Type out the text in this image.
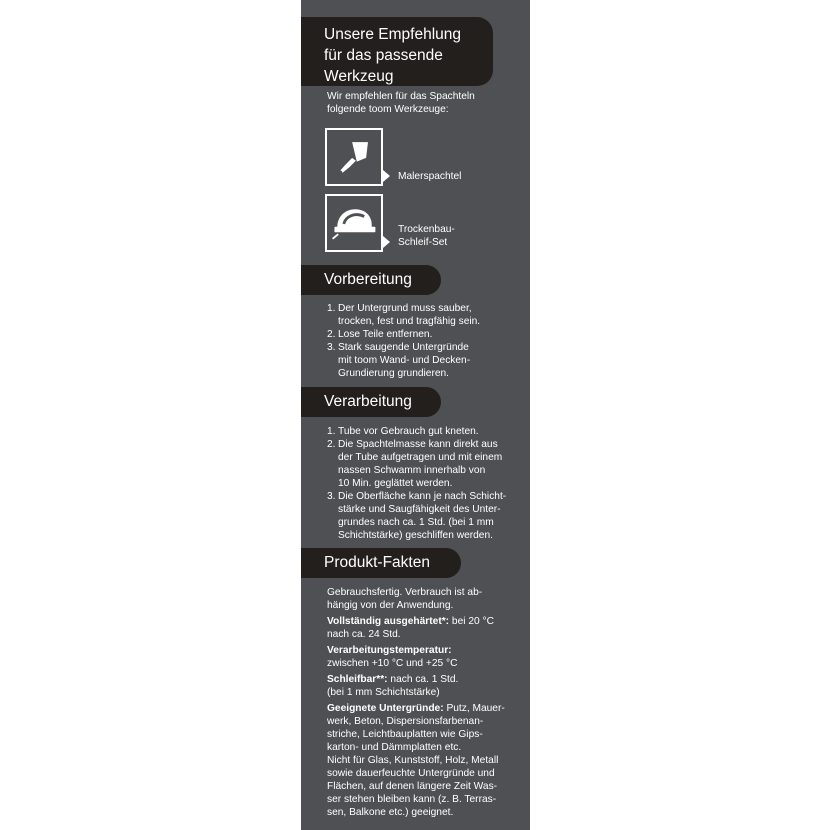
Unsere Empfehlung
für das passende
Werkzeug
Wir empfehlen für das Spachteln
folgende toom Werkzeuge:
Malerspachtel
Trockenbau-
Schleif-Set
Vorbereitung
1. Der Untergrund muss sauber,
trocken, fest und tragfähig sein.
2. Lose Teile entfernen.
3. Stark saugende Untergründe
mit toom Wand- und Decken-
Grundierung grundieren.
Verarbeitung
1. Tube vor Gebrauch gut kneten.
2. Die Spachtelmasse kann direkt aus
der Tube aufgetragen und mit einem
nassen Schwamm innerhalb von
10 Min. geglättet werden.
3. Die Oberfläche kann je nach Schicht-
stärke und Saugfähigkeit des Unter-
grundes nach ca. 1 Std. (bei 1 mm
Schichtstärke) geschliffen werden.
Produkt-Fakten

Gebrauchsfertig. Verbrauch ist ab-
hängig von der Anwendung.

Vollständig ausgehärtet*: bei 20 °C
nach ca. 24 Std.

Verarbeitungstemperatur:
zwischen +10 °C und +25 °C

Schleifbar**: nach ca. 1 Std.
(bei 1 mm Schichtstärke)

Geeignete Untergründe: Putz, Mauer-
werk, Beton, Dispersionsfarbenan-
striche, Leichtbauplatten wie Gips-
karton- und Dämmplatten etc.
Nicht für Glas, Kunststoff, Holz, Metall
sowie dauerfeuchte Untergründe und
Flächen, auf denen längere Zeit Was-
ser stehen bleiben kann (z. B. Terras-
sen, Balkone etc.) geeignet.
